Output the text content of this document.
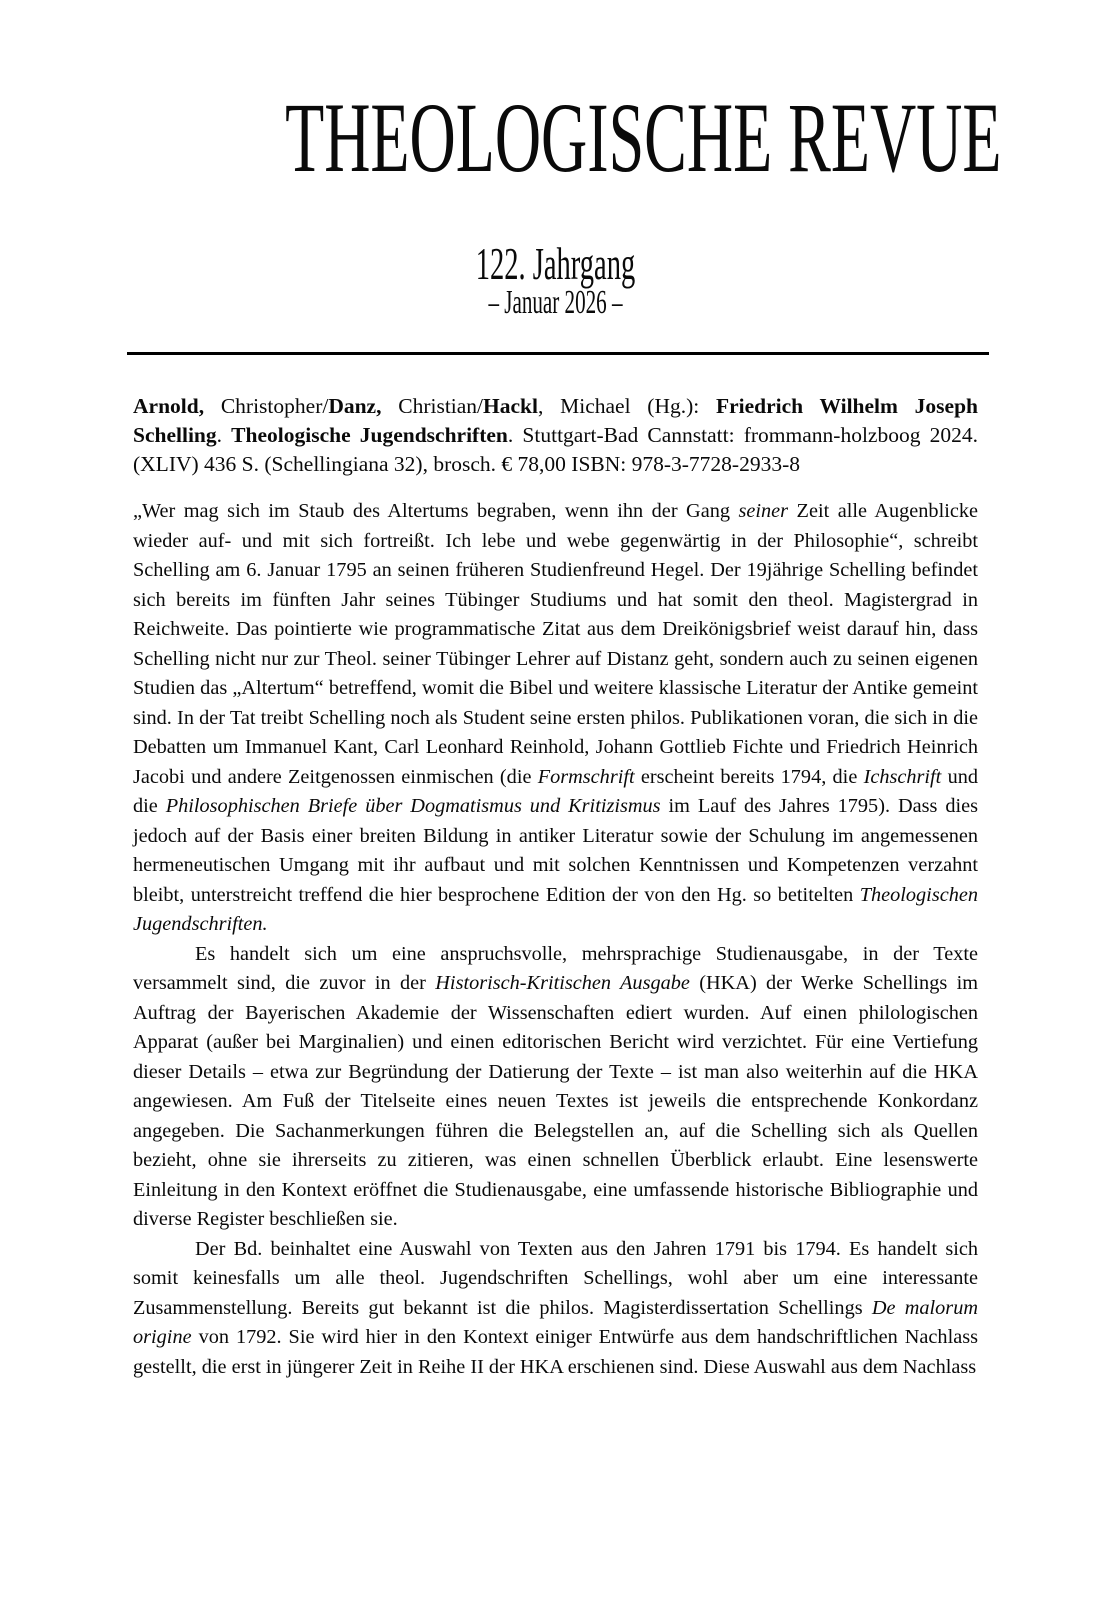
THEOLOGISCHE REVUE
122. Jahrgang
– Januar 2026 –

Arnold, Christopher/Danz, Christian/Hackl, Michael (Hg.): Friedrich Wilhelm Joseph Schelling. Theologische Jugendschriften. Stuttgart-Bad Cannstatt: frommann-holzboog 2024. (XLIV) 436 S. (Schellingiana 32), brosch. € 78,00 ISBN: 978-3-7728-2933-8

„Wer mag sich im Staub des Altertums begraben, wenn ihn der Gang seiner Zeit alle Augenblicke wieder auf- und mit sich fortreißt. Ich lebe und webe gegenwärtig in der Philosophie“, schreibt Schelling am 6. Januar 1795 an seinen früheren Studienfreund Hegel. Der 19jährige Schelling befindet sich bereits im fünften Jahr seines Tübinger Studiums und hat somit den theol. Magistergrad in Reichweite. Das pointierte wie programmatische Zitat aus dem Dreikönigsbrief weist darauf hin, dass Schelling nicht nur zur Theol. seiner Tübinger Lehrer auf Distanz geht, sondern auch zu seinen eigenen Studien das „Altertum“ betreffend, womit die Bibel und weitere klassische Literatur der Antike gemeint sind. In der Tat treibt Schelling noch als Student seine ersten philos. Publikationen voran, die sich in die Debatten um Immanuel Kant, Carl Leonhard Reinhold, Johann Gottlieb Fichte und Friedrich Heinrich Jacobi und andere Zeitgenossen einmischen (die Formschrift erscheint bereits 1794, die Ichschrift und die Philosophischen Briefe über Dogmatismus und Kritizismus im Lauf des Jahres 1795). Dass dies jedoch auf der Basis einer breiten Bildung in antiker Literatur sowie der Schulung im angemessenen hermeneutischen Umgang mit ihr aufbaut und mit solchen Kenntnissen und Kompetenzen verzahnt bleibt, unterstreicht treffend die hier besprochene Edition der von den Hg. so betitelten Theologischen Jugendschriften.

Es handelt sich um eine anspruchsvolle, mehrsprachige Studienausgabe, in der Texte versammelt sind, die zuvor in der Historisch-Kritischen Ausgabe (HKA) der Werke Schellings im Auftrag der Bayerischen Akademie der Wissenschaften ediert wurden. Auf einen philologischen Apparat (außer bei Marginalien) und einen editorischen Bericht wird verzichtet. Für eine Vertiefung dieser Details – etwa zur Begründung der Datierung der Texte – ist man also weiterhin auf die HKA angewiesen. Am Fuß der Titelseite eines neuen Textes ist jeweils die entsprechende Konkordanz angegeben. Die Sachanmerkungen führen die Belegstellen an, auf die Schelling sich als Quellen bezieht, ohne sie ihrerseits zu zitieren, was einen schnellen Überblick erlaubt. Eine lesenswerte Einleitung in den Kontext eröffnet die Studienausgabe, eine umfassende historische Bibliographie und diverse Register beschließen sie.

Der Bd. beinhaltet eine Auswahl von Texten aus den Jahren 1791 bis 1794. Es handelt sich somit keinesfalls um alle theol. Jugendschriften Schellings, wohl aber um eine interessante Zusammenstellung. Bereits gut bekannt ist die philos. Magisterdissertation Schellings De malorum origine von 1792. Sie wird hier in den Kontext einiger Entwürfe aus dem handschriftlichen Nachlass gestellt, die erst in jüngerer Zeit in Reihe II der HKA erschienen sind. Diese Auswahl aus dem Nachlass
